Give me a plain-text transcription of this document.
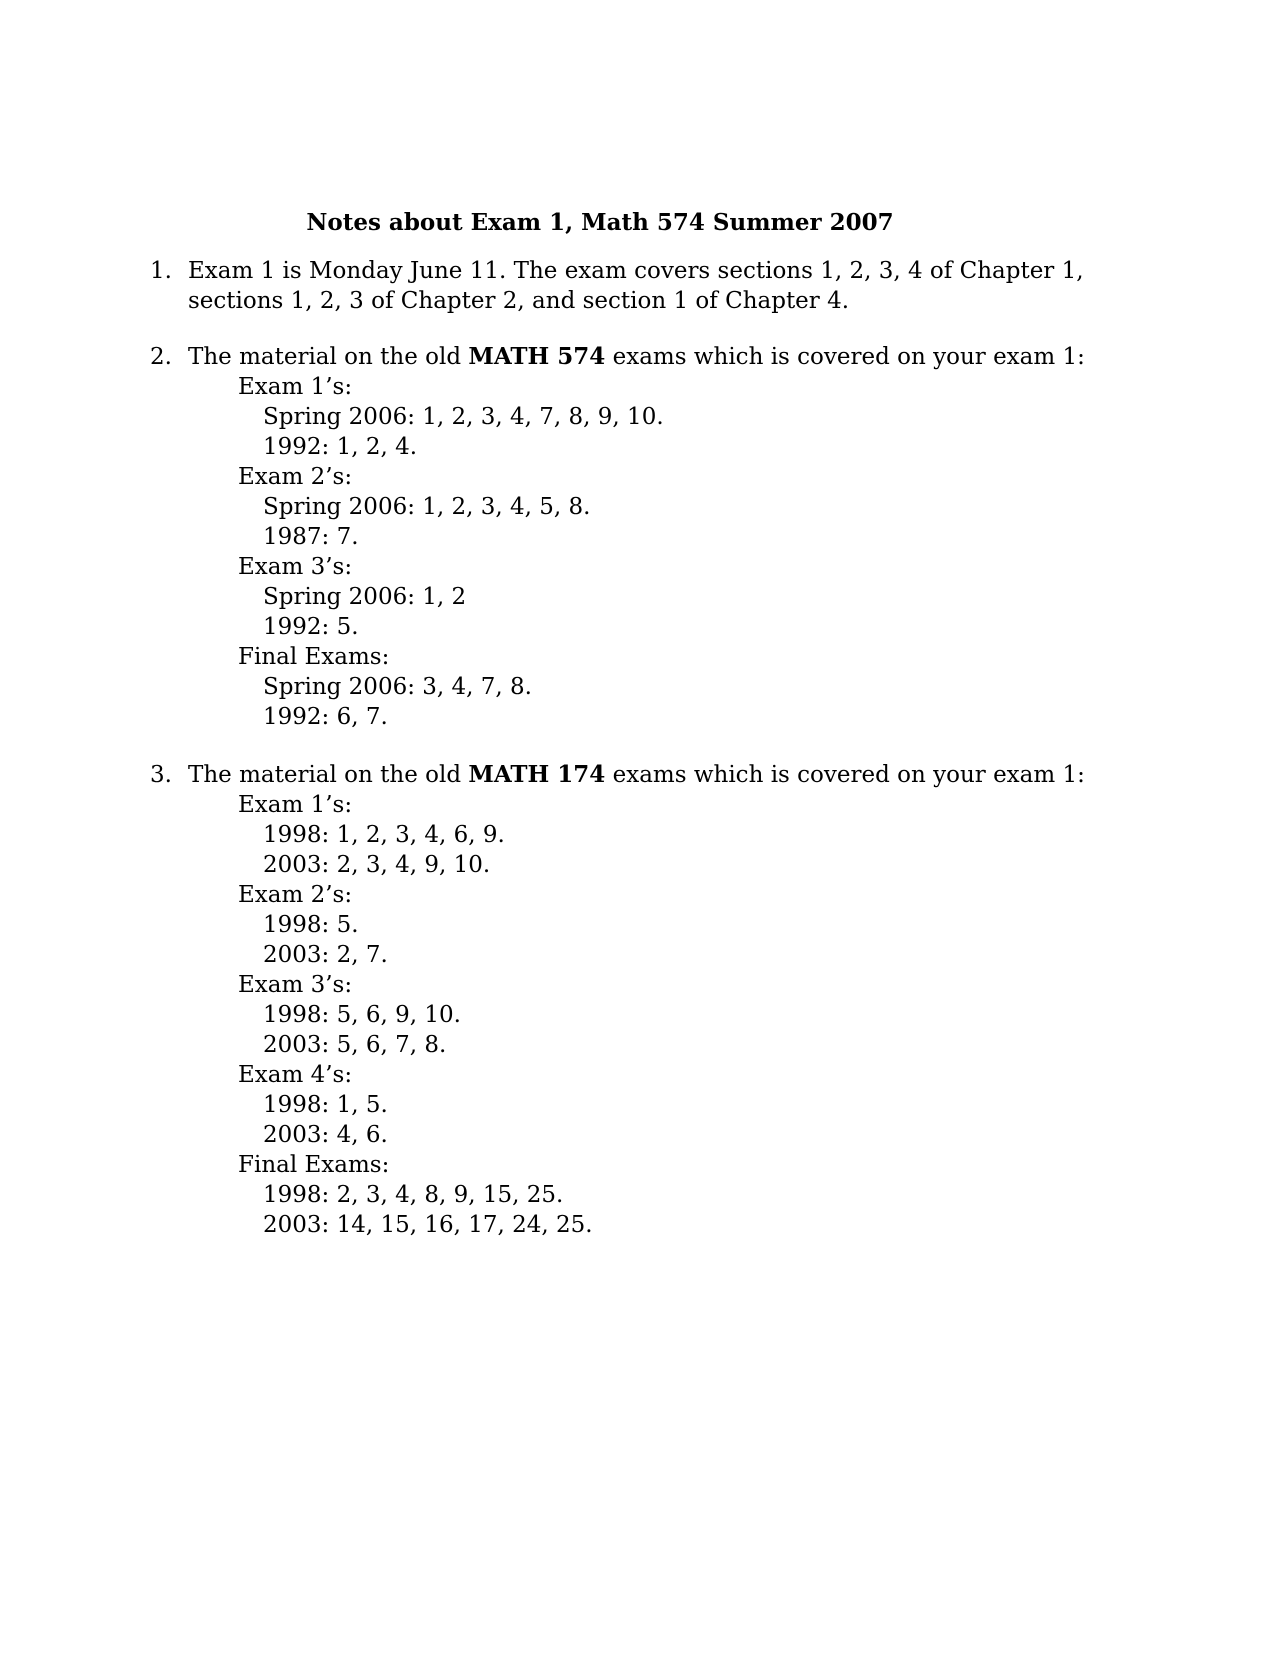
Notes about Exam 1, Math 574 Summer 2007
1. Exam 1 is Monday June 11. The exam covers sections 1, 2, 3, 4 of Chapter 1,
sections 1, 2, 3 of Chapter 2, and section 1 of Chapter 4.
2. The material on the old MATH 574 exams which is covered on your exam 1:
Exam 1’s:
Spring 2006: 1, 2, 3, 4, 7, 8, 9, 10.
1992: 1, 2, 4.
Exam 2’s:
Spring 2006: 1, 2, 3, 4, 5, 8.
1987: 7.
Exam 3’s:
Spring 2006: 1, 2
1992: 5.
Final Exams:
Spring 2006: 3, 4, 7, 8.
1992: 6, 7.
3. The material on the old MATH 174 exams which is covered on your exam 1:
Exam 1’s:
1998: 1, 2, 3, 4, 6, 9.
2003: 2, 3, 4, 9, 10.
Exam 2’s:
1998: 5.
2003: 2, 7.
Exam 3’s:
1998: 5, 6, 9, 10.
2003: 5, 6, 7, 8.
Exam 4’s:
1998: 1, 5.
2003: 4, 6.
Final Exams:
1998: 2, 3, 4, 8, 9, 15, 25.
2003: 14, 15, 16, 17, 24, 25.
